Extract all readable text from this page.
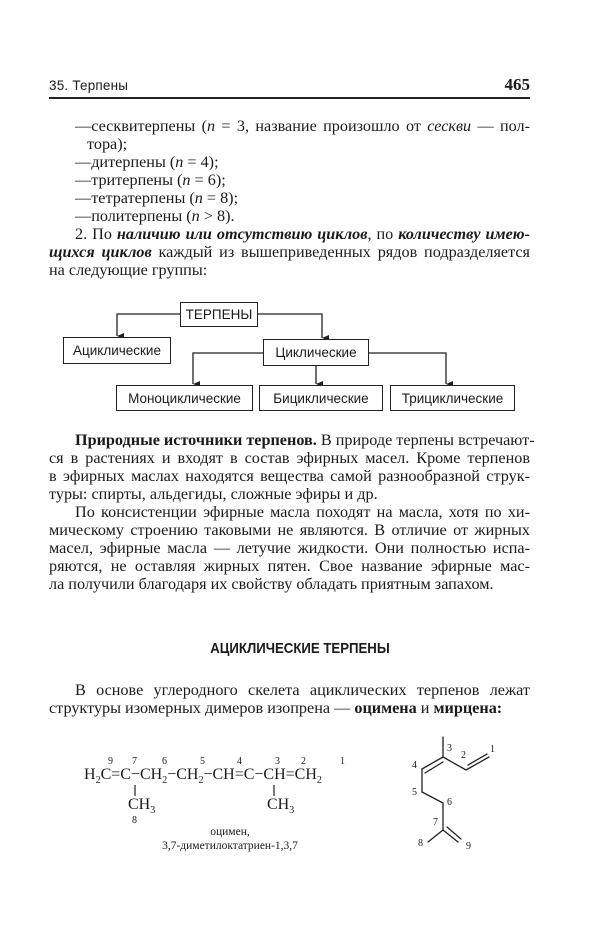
35. Терпены	465
—сесквитерпены (n = 3, название произошло от сескви — пол-
тора);
—дитерпены (n = 4);
—тритерпены (n = 6);
—тетратерпены (n = 8);
—политерпены (n > 8).
2. По наличию или отсутствию циклов, по количеству имею-
щихся циклов каждый из вышеприведенных рядов подразделяется
на следующие группы:
ТЕРПЕНЫ
Ациклические	Циклические
Моноциклические	Бициклические	Трициклические
Природные источники терпенов. В природе терпены встречают-
ся в растениях и входят в состав эфирных масел. Кроме терпенов
в эфирных маслах находятся вещества самой разнообразной струк-
туры: спирты, альдегиды, сложные эфиры и др.
По консистенции эфирные масла походят на масла, хотя по хи-
мическому строению таковыми не являются. В отличие от жирных
масел, эфирные масла — летучие жидкости. Они полностью испа-
ряются, не оставляя жирных пятен. Свое название эфирные мас-
ла получили благодаря их свойству обладать приятным запахом.
АЦИКЛИЧЕСКИЕ ТЕРПЕНЫ
В основе углеродного скелета ациклических терпенов лежат
структуры изомерных димеров изопрена — оцимена и мирцена:
9 7	6	5	4	3 2	1
$H_2C=C-CH_2-CH_2-CH=C-CH=CH_2$
$CH_3$
8
$CH_3$
оцимен,
3,7-диметилоктатриен-1,3,7
1
2
3
4
5
6
7
8	9
